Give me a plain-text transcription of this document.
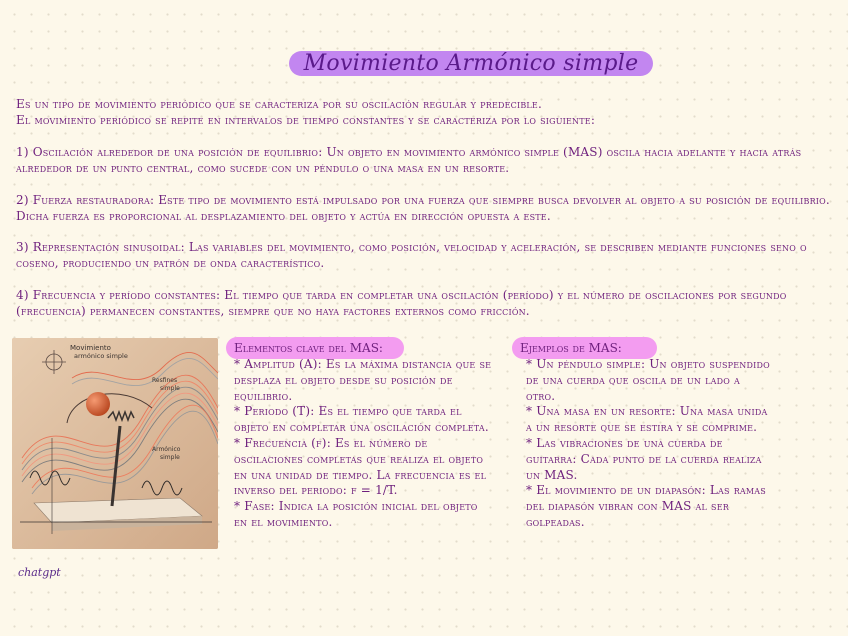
Movimiento Armónico simple
Es un tipo de movimiento periódico que se caracteriza por su oscilación regular y predecible.
El movimiento periódico se repite en intervalos de tiempo constantes y se caracteriza por lo siguiente:
1) Oscilación alrededor de una posición de equilibrio: Un objeto en movimiento armónico simple (MAS) oscila hacia adelante y hacia atrás alrededor de un punto central, como sucede con un péndulo o una masa en un resorte.
2) Fuerza restauradora: Este tipo de movimiento está impulsado por una fuerza que siempre busca devolver al objeto a su posición de equilibrio. Dicha fuerza es proporcional al desplazamiento del objeto y actúa en dirección opuesta a este.
3) Representación sinusoidal: Las variables del movimiento, como posición, velocidad y aceleración, se describen mediante funciones seno o coseno, produciendo un patrón de onda característico.
4) Frecuencia y período constantes: El tiempo que tarda en completar una oscilación (período) y el número de oscilaciones por segundo (frecuencia) permanecen constantes, siempre que no haya factores externos como fricción.
Movimiento
armónico simple
Resfines
simple
Armónico
simple
Elementos clave del MAS:
* Amplitud (A): Es la máxima distancia que se desplaza el objeto desde su posición de equilibrio.
* Periodo (T): Es el tiempo que tarda el objeto en completar una oscilación completa.
* Frecuencia (f): Es el número de oscilaciones completas que realiza el objeto en una unidad de tiempo. La frecuencia es el inverso del periodo: f = 1/T.
* Fase: Indica la posición inicial del objeto en el movimiento.
Ejemplos de MAS:
* Un péndulo simple: Un objeto suspendido de una cuerda que oscila de un lado a otro.
* Una masa en un resorte: Una masa unida a un resorte que se estira y se comprime.
* Las vibraciones de una cuerda de guitarra: Cada punto de la cuerda realiza un MAS.
* El movimiento de un diapasón: Las ramas del diapasón vibran con MAS al ser golpeadas.
chatgpt
